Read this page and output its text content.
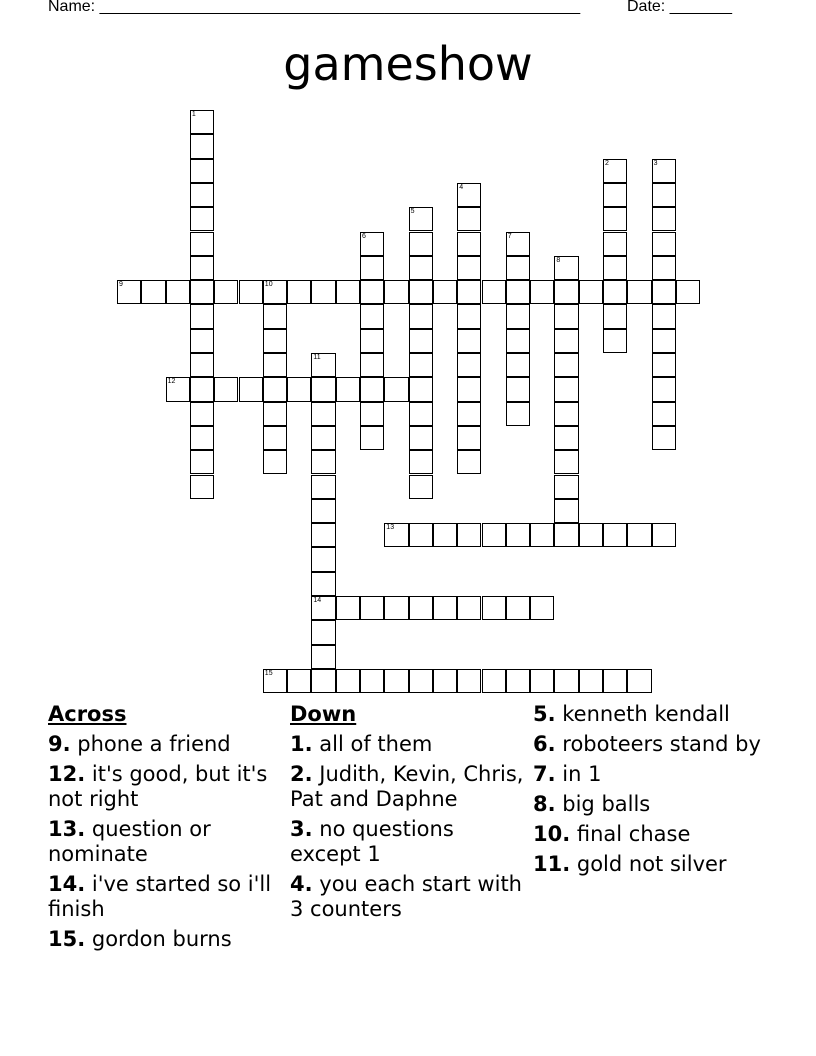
Name: ______________________________________________________	Date: _______
gameshow
1
2	3
4
5
6	7
8
9	10
11
14
12
13
15
Across
9. phone a friend
12. it's good, but it's not right
13. question or nominate
14. i've started so i'll finish
15. gordon burns
Down
1. all of them
2. Judith, Kevin, Chris, Pat and Daphne
3. no questions except 1
4. you each start with 3 counters
5. kenneth kendall
6. roboteers stand by
7. in 1
8. big balls
10. final chase
11. gold not silver
